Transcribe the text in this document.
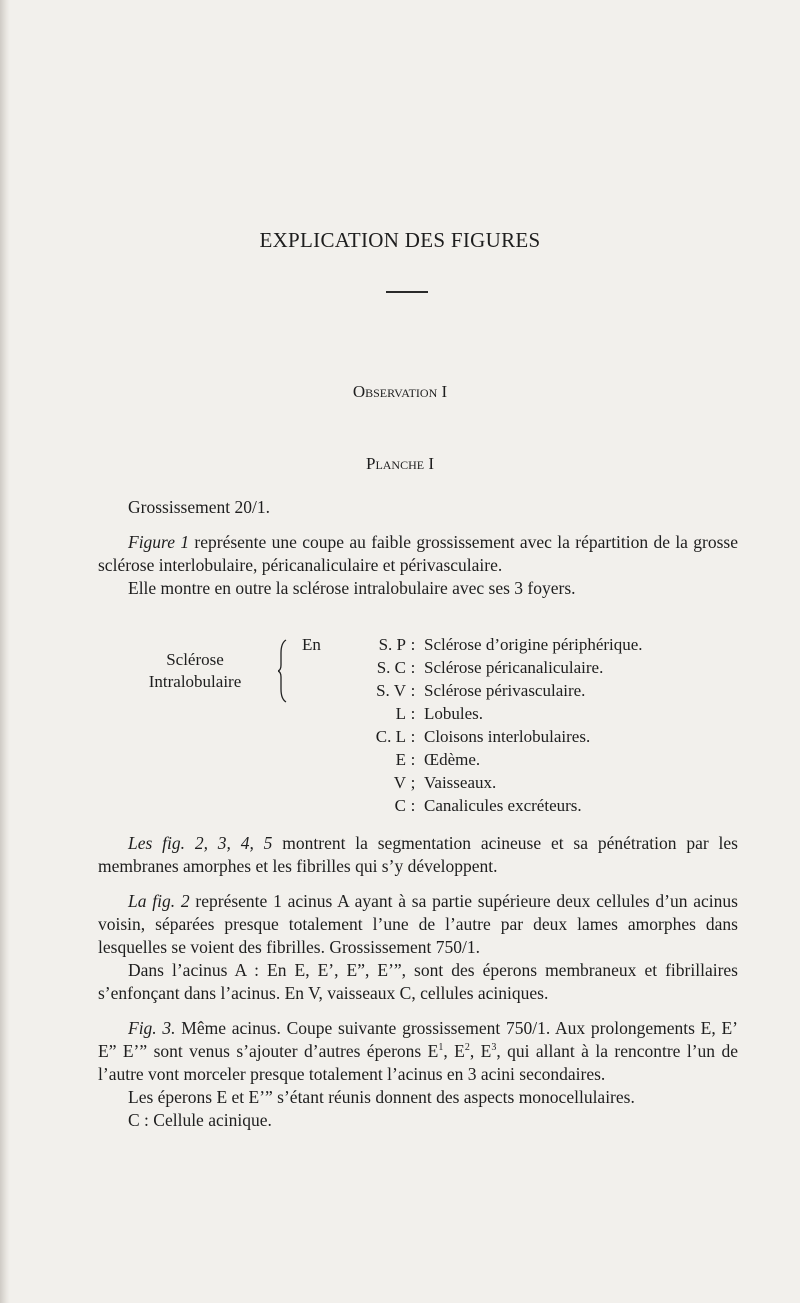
EXPLICATION DES FIGURES
Observation I
Planche I

Grossissement 20/1.

Figure 1 représente une coupe au faible grossissement avec la répartition de la grosse sclérose interlobulaire, péricanaliculaire et périvasculaire.

Elle montre en outre la sclérose intralobulaire avec ses 3 foyers.

Sclérose
Intralobulaire
En	S. P : Sclérose d’origine périphérique.
S. C : Sclérose péricanaliculaire.
S. V : Sclérose périvasculaire.
L : Lobules.
C. L : Cloisons interlobulaires.
E : Œdème.
V ; Vaisseaux.
C : Canalicules excréteurs.

Les fig. 2, 3, 4, 5 montrent la segmentation acineuse et sa pénétration par les membranes amorphes et les fibrilles qui s’y développent.

La fig. 2 représente 1 acinus A ayant à sa partie supérieure deux cellules d’un acinus voisin, séparées presque totalement l’une de l’autre par deux lames amorphes dans lesquelles se voient des fibrilles. Grossissement 750/1.

Dans l’acinus A : En E, E’, E”, E’”, sont des éperons membraneux et fibrillaires s’enfonçant dans l’acinus. En V, vaisseaux C, cellules aciniques.

Fig. 3. Même acinus. Coupe suivante grossissement 750/1. Aux prolongements E, E’ E” E’” sont venus s’ajouter d’autres éperons $E^1$, $E^2$, $E^3$, qui allant à la rencontre l’un de l’autre vont morceler presque totalement l’acinus en 3 acini secondaires.

Les éperons E et E’” s’étant réunis donnent des aspects monocellulaires.

C : Cellule acinique.
